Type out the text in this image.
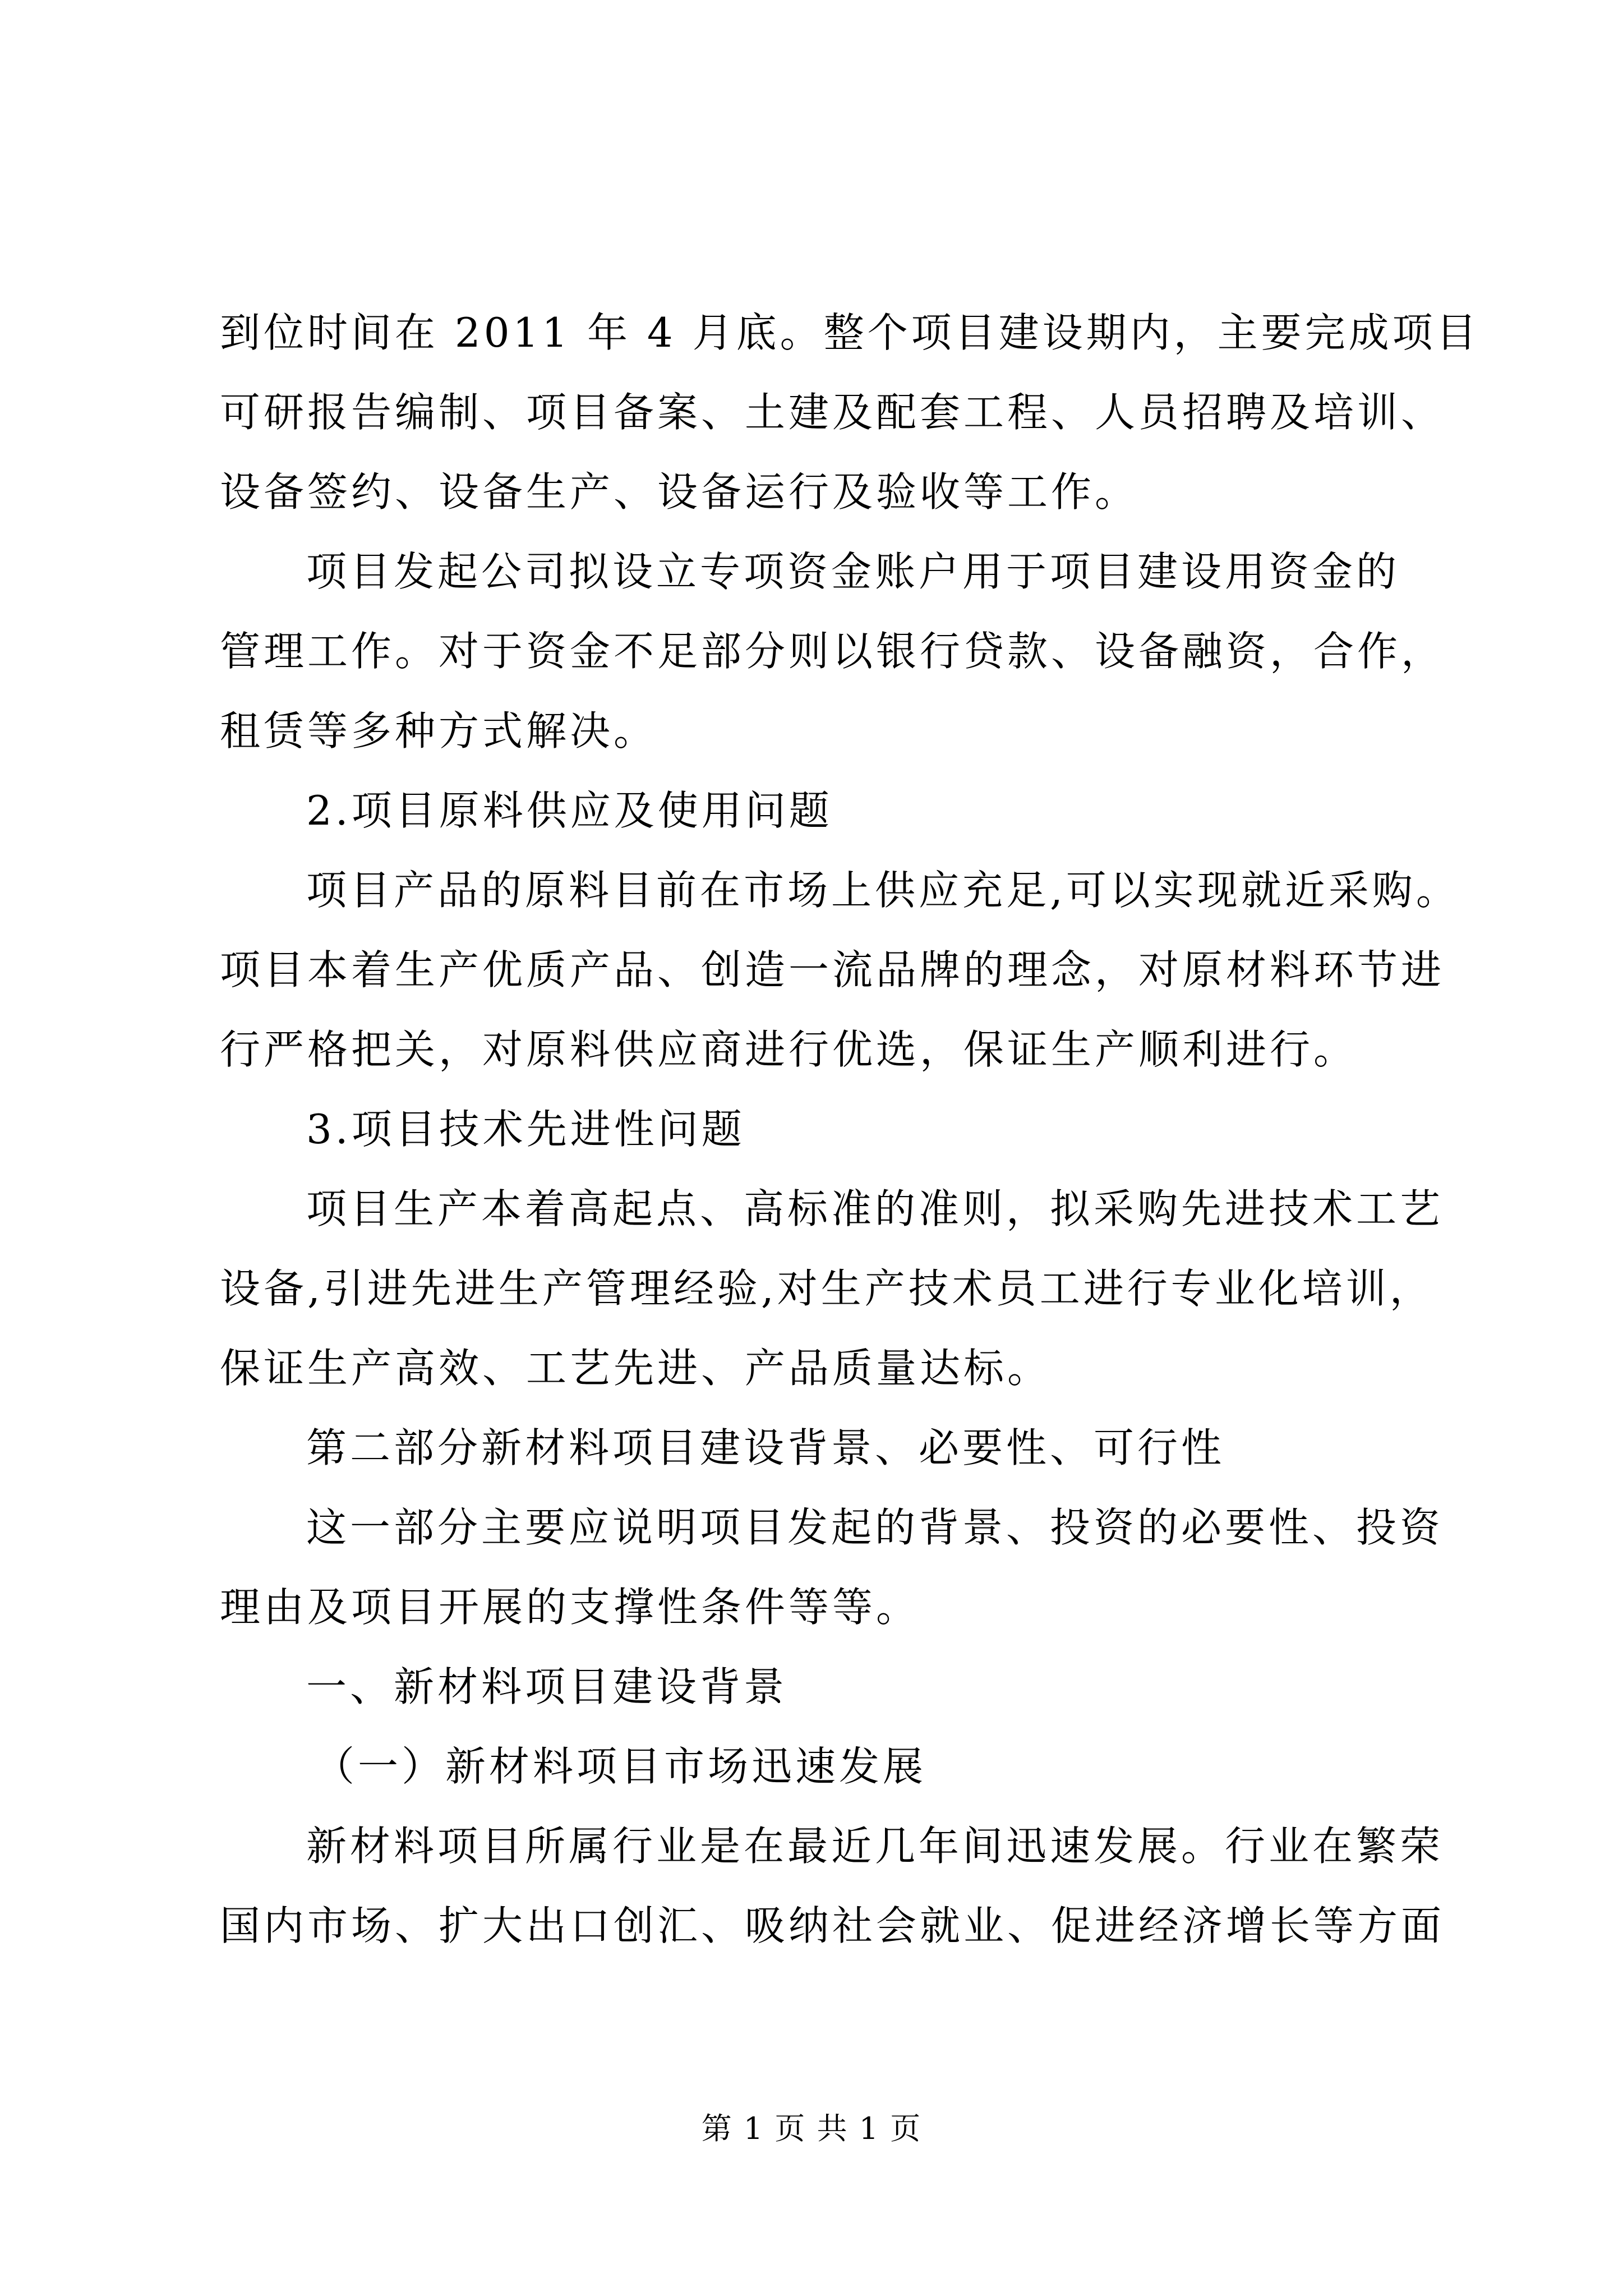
到位时间在 2011 年 4 月底。整个项目建设期内，主要完成项目
可研报告编制、项目备案、土建及配套工程、人员招聘及培训、
设备签约、设备生产、设备运行及验收等工作。
项目发起公司拟设立专项资金账户用于项目建设用资金的
管理工作。对于资金不足部分则以银行贷款、设备融资，合作，
租赁等多种方式解决。
2.项目原料供应及使用问题
项目产品的原料目前在市场上供应充足,可以实现就近采购。
项目本着生产优质产品、创造一流品牌的理念，对原材料环节进
行严格把关，对原料供应商进行优选，保证生产顺利进行。
3.项目技术先进性问题
项目生产本着高起点、高标准的准则，拟采购先进技术工艺
设备,引进先进生产管理经验,对生产技术员工进行专业化培训，
保证生产高效、工艺先进、产品质量达标。
第二部分新材料项目建设背景、必要性、可行性
这一部分主要应说明项目发起的背景、投资的必要性、投资
理由及项目开展的支撑性条件等等。
一、新材料项目建设背景
（一）新材料项目市场迅速发展
新材料项目所属行业是在最近几年间迅速发展。行业在繁荣
国内市场、扩大出口创汇、吸纳社会就业、促进经济增长等方面
第 1 页 共 1 页
